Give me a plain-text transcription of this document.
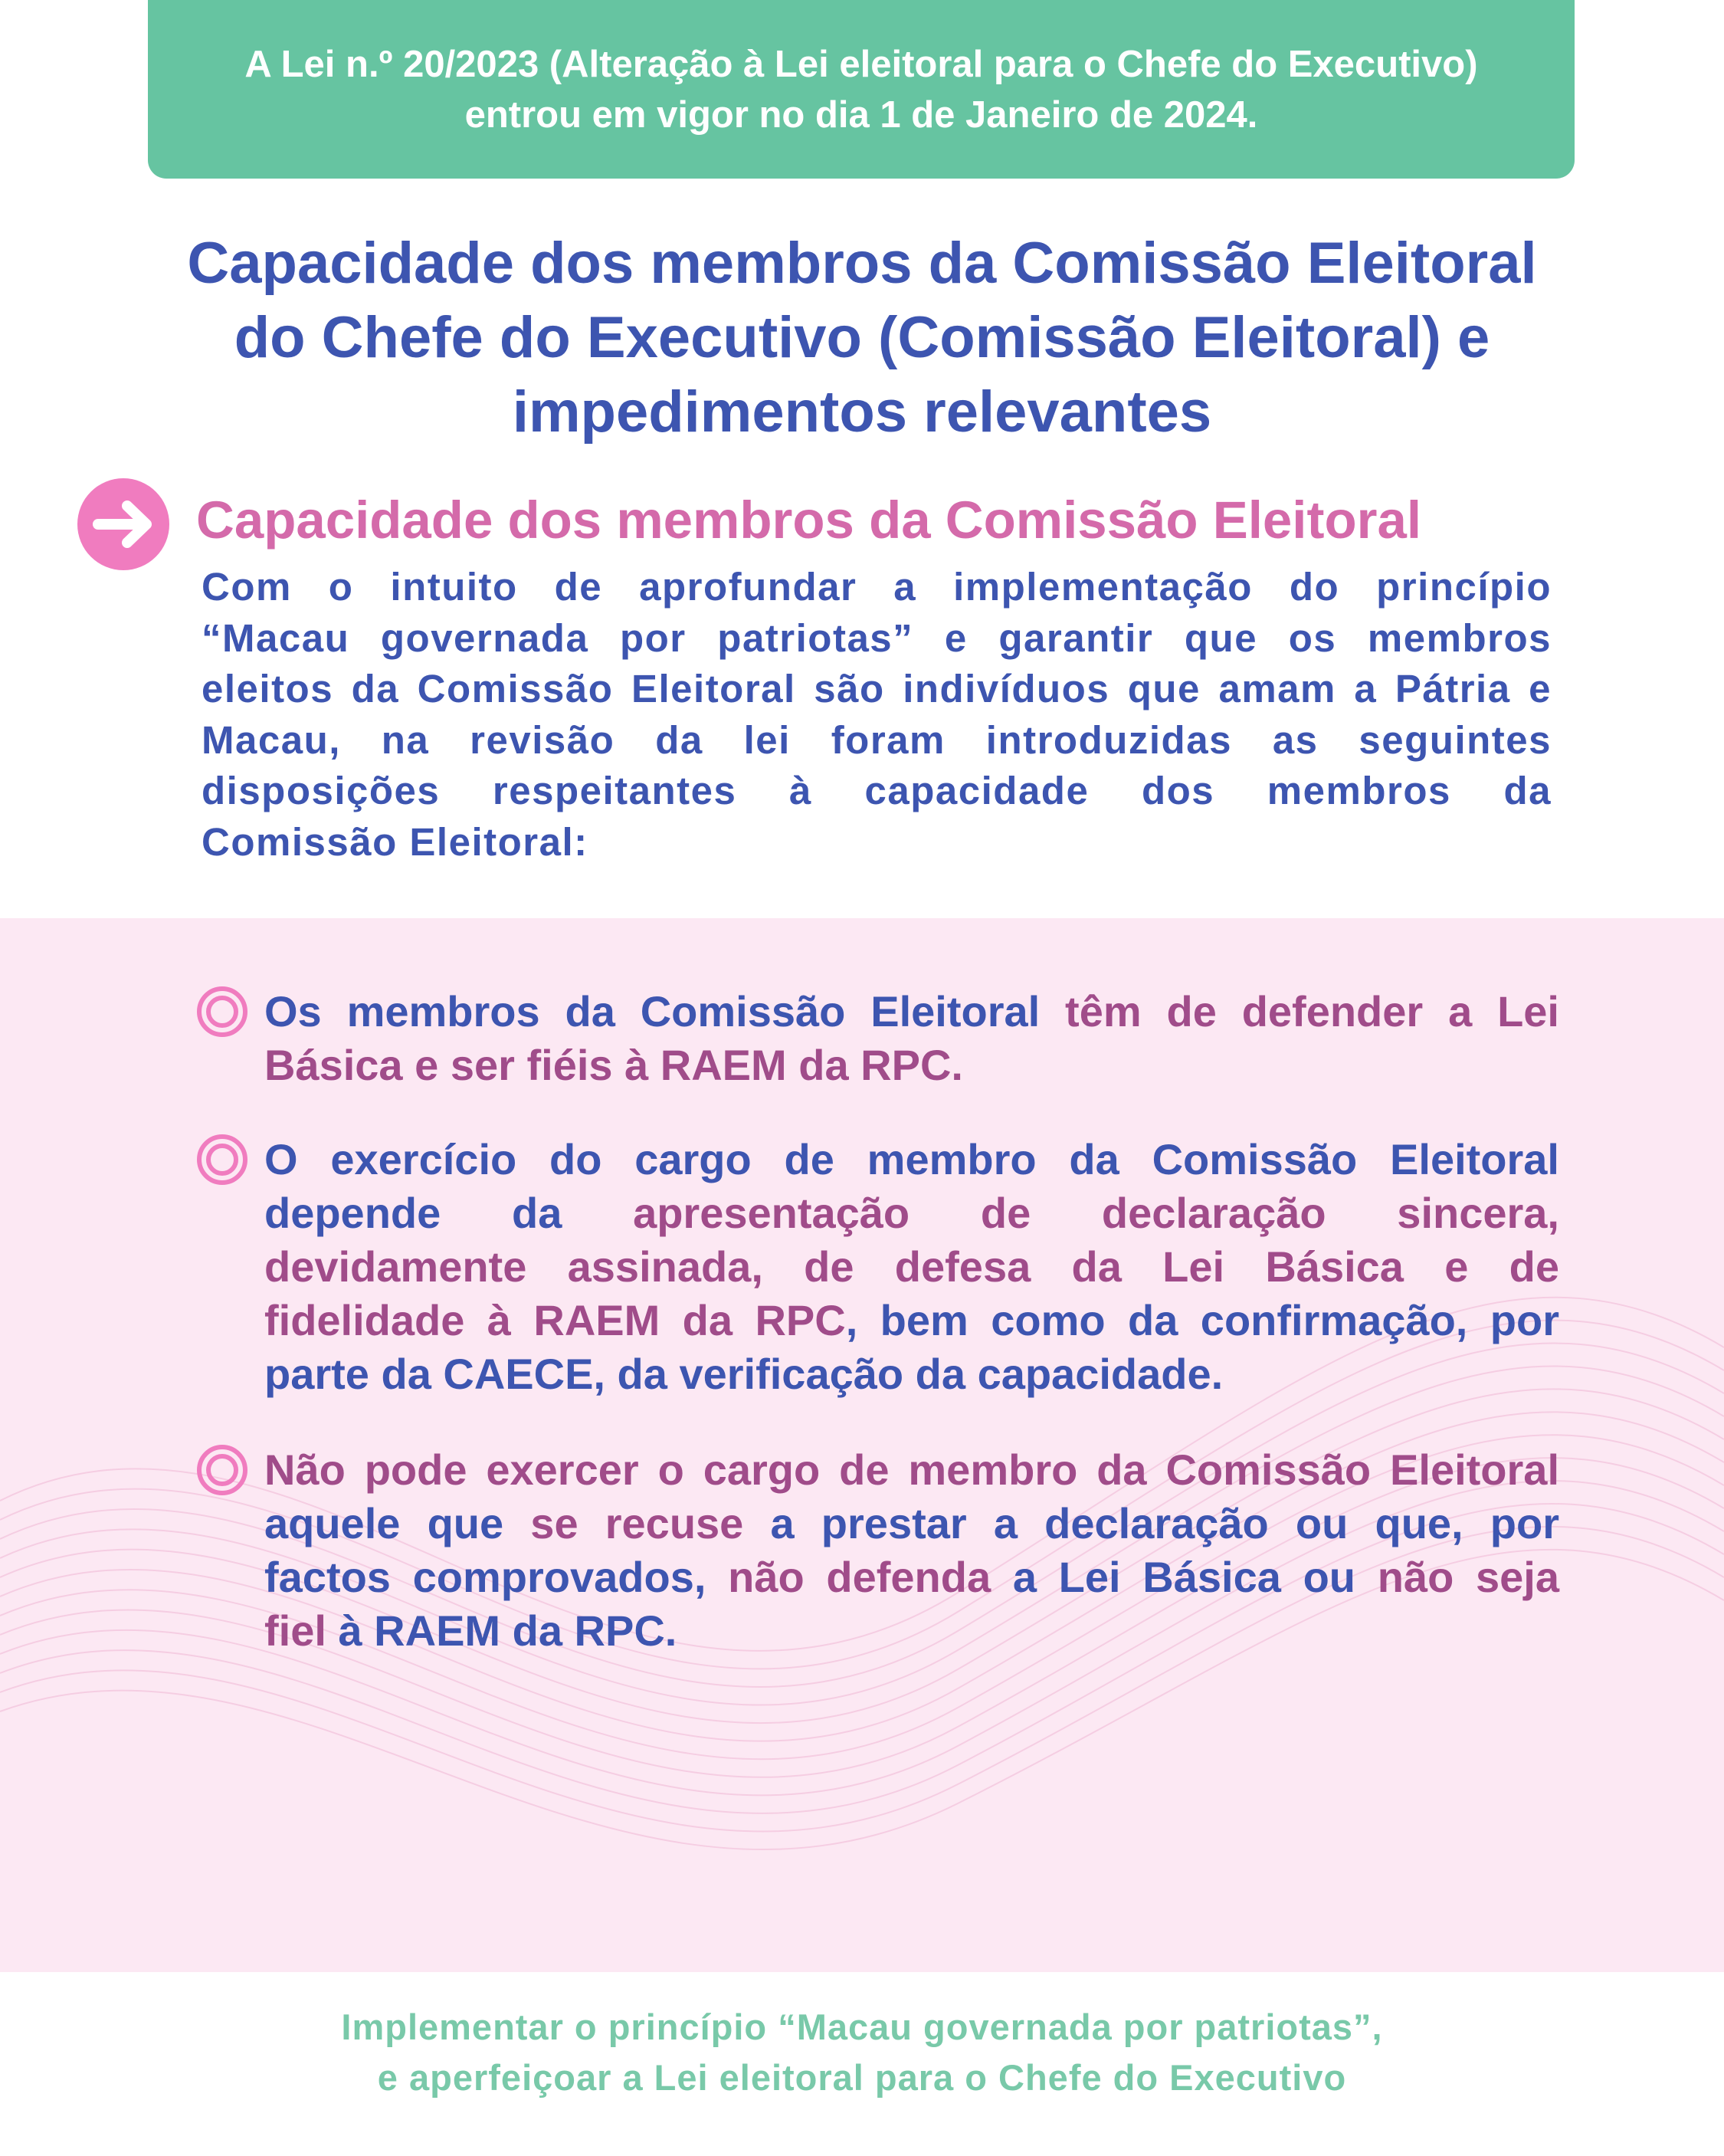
A Lei n.º 20/2023 (Alteração à Lei eleitoral para o Chefe do Executivo)
entrou em vigor no dia 1 de Janeiro de 2024.
Capacidade dos membros da Comissão Eleitoral
do Chefe do Executivo (Comissão Eleitoral) e
impedimentos relevantes
Capacidade dos membros da Comissão Eleitoral
Com o intuito de aprofundar a implementação do princípio
“Macau governada por patriotas” e garantir que os membros
eleitos da Comissão Eleitoral são indivíduos que amam a Pátria e
Macau, na revisão da lei foram introduzidas as seguintes
disposições respeitantes à capacidade dos membros da
Comissão Eleitoral:
Os membros da Comissão Eleitoral têm de defender a Lei
Básica e ser fiéis à RAEM da RPC.
O exercício do cargo de membro da Comissão Eleitoral
depende da apresentação de declaração sincera,
devidamente assinada, de defesa da Lei Básica e de
fidelidade à RAEM da RPC, bem como da confirmação, por
parte da CAECE, da verificação da capacidade.
Não pode exercer o cargo de membro da Comissão Eleitoral
aquele que se recuse a prestar a declaração ou que, por
factos comprovados, não defenda a Lei Básica ou não seja
fiel à RAEM da RPC.
Implementar o princípio “Macau governada por patriotas”,
e aperfeiçoar a Lei eleitoral para o Chefe do Executivo
